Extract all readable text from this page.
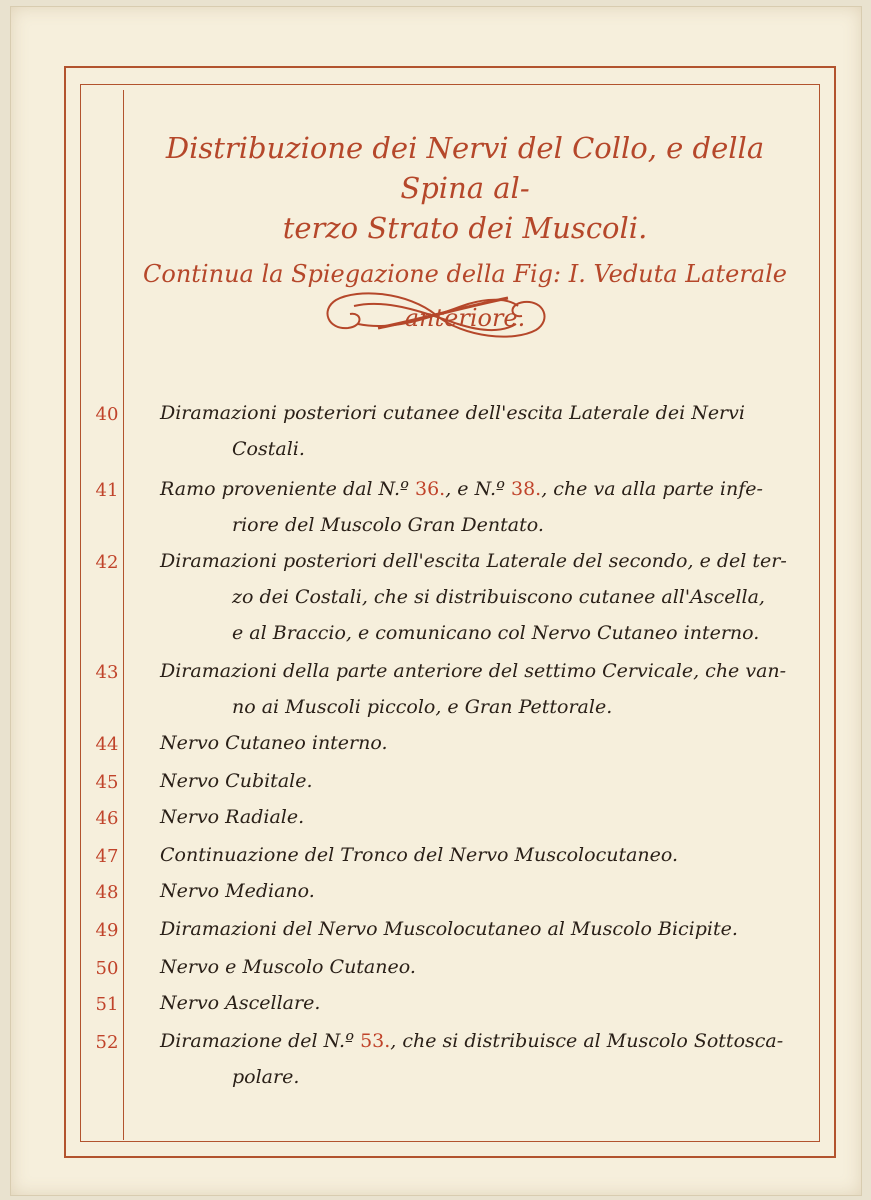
Distribuzione dei Nervi del Collo, e della Spina al-
terzo Strato dei Muscoli.
Continua la Spiegazione della Fig: I. Veduta Laterale anteriore.
40	Diramazioni posteriori cutanee dell'escita Laterale dei Nervi
Costali.
41	Ramo proveniente dal N.º 36., e N.º 38., che va alla parte infe-
riore del Muscolo Gran Dentato.
42	Diramazioni posteriori dell'escita Laterale del secondo, e del ter-
zo dei Costali, che si distribuiscono cutanee all'Ascella,
e al Braccio, e comunicano col Nervo Cutaneo interno.
43	Diramazioni della parte anteriore del settimo Cervicale, che van-
no ai Muscoli piccolo, e Gran Pettorale.
44	Nervo Cutaneo interno.
45	Nervo Cubitale.
46	Nervo Radiale.
47	Continuazione del Tronco del Nervo Muscolocutaneo.
48	Nervo Mediano.
49	Diramazioni del Nervo Muscolocutaneo al Muscolo Bicipite.
50	Nervo e Muscolo Cutaneo.
51	Nervo Ascellare.
52	Diramazione del N.º 53., che si distribuisce al Muscolo Sottosca-
polare.
